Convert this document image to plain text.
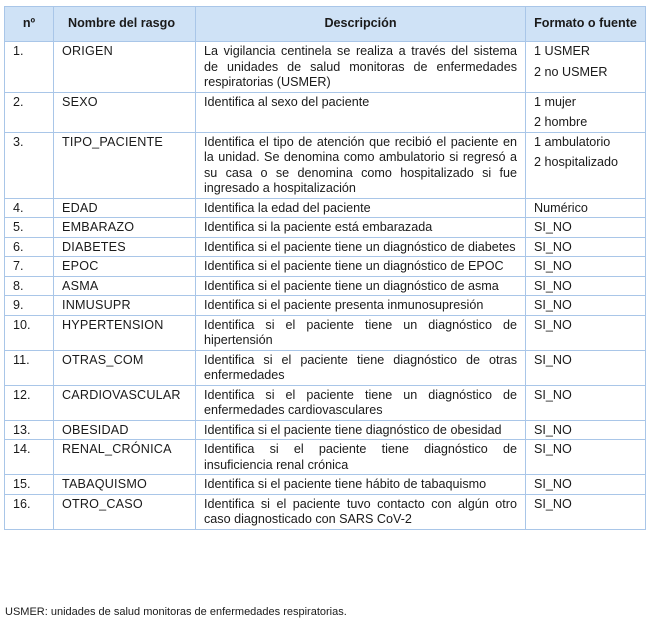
nº	Nombre del rasgo	Descripción	Formato o fuente
1.	ORIGEN	La vigilancia centinela se realiza a través del sistema de unidades de salud monitoras de enfermedades respiratorias (USMER)	1 USMER
2 no USMER

2.	SEXO	Identifica al sexo del paciente	1 mujer
2 hombre

3.	TIPO_PACIENTE	Identifica el tipo de atención que recibió el paciente en la unidad. Se denomina como ambulatorio si regresó a su casa o se denomina como hospitalizado si fue ingresado a hospitalización	1 ambulatorio
2 hospitalizado

4.	EDAD	Identifica la edad del paciente	Numérico

5.	EMBARAZO	Identifica si la paciente está embarazada	SI_NO

6.	DIABETES	Identifica si el paciente tiene un diagnóstico de diabetes	SI_NO

7.	EPOC	Identifica si el paciente tiene un diagnóstico de EPOC	SI_NO

8.	ASMA	Identifica si el paciente tiene un diagnóstico de asma	SI_NO

9.	INMUSUPR	Identifica si el paciente presenta inmunosupresión	SI_NO

10.	HYPERTENSION	Identifica si el paciente tiene un diagnóstico de hipertensión	SI_NO

11.	OTRAS_COM	Identifica si el paciente tiene diagnóstico de otras enfermedades	SI_NO

12.	CARDIOVASCULAR	Identifica si el paciente tiene un diagnóstico de enfermedades cardiovasculares	SI_NO

13.	OBESIDAD	Identifica si el paciente tiene diagnóstico de obesidad	SI_NO

14.	RENAL_CRÓNICA	Identifica si el paciente tiene diagnóstico de insuficiencia renal crónica	SI_NO

15.	TABAQUISMO	Identifica si el paciente tiene hábito de tabaquismo	SI_NO

16.	OTRO_CASO	Identifica si el paciente tuvo contacto con algún otro caso diagnosticado con SARS CoV-2	SI_NO
USMER: unidades de salud monitoras de enfermedades respiratorias.
